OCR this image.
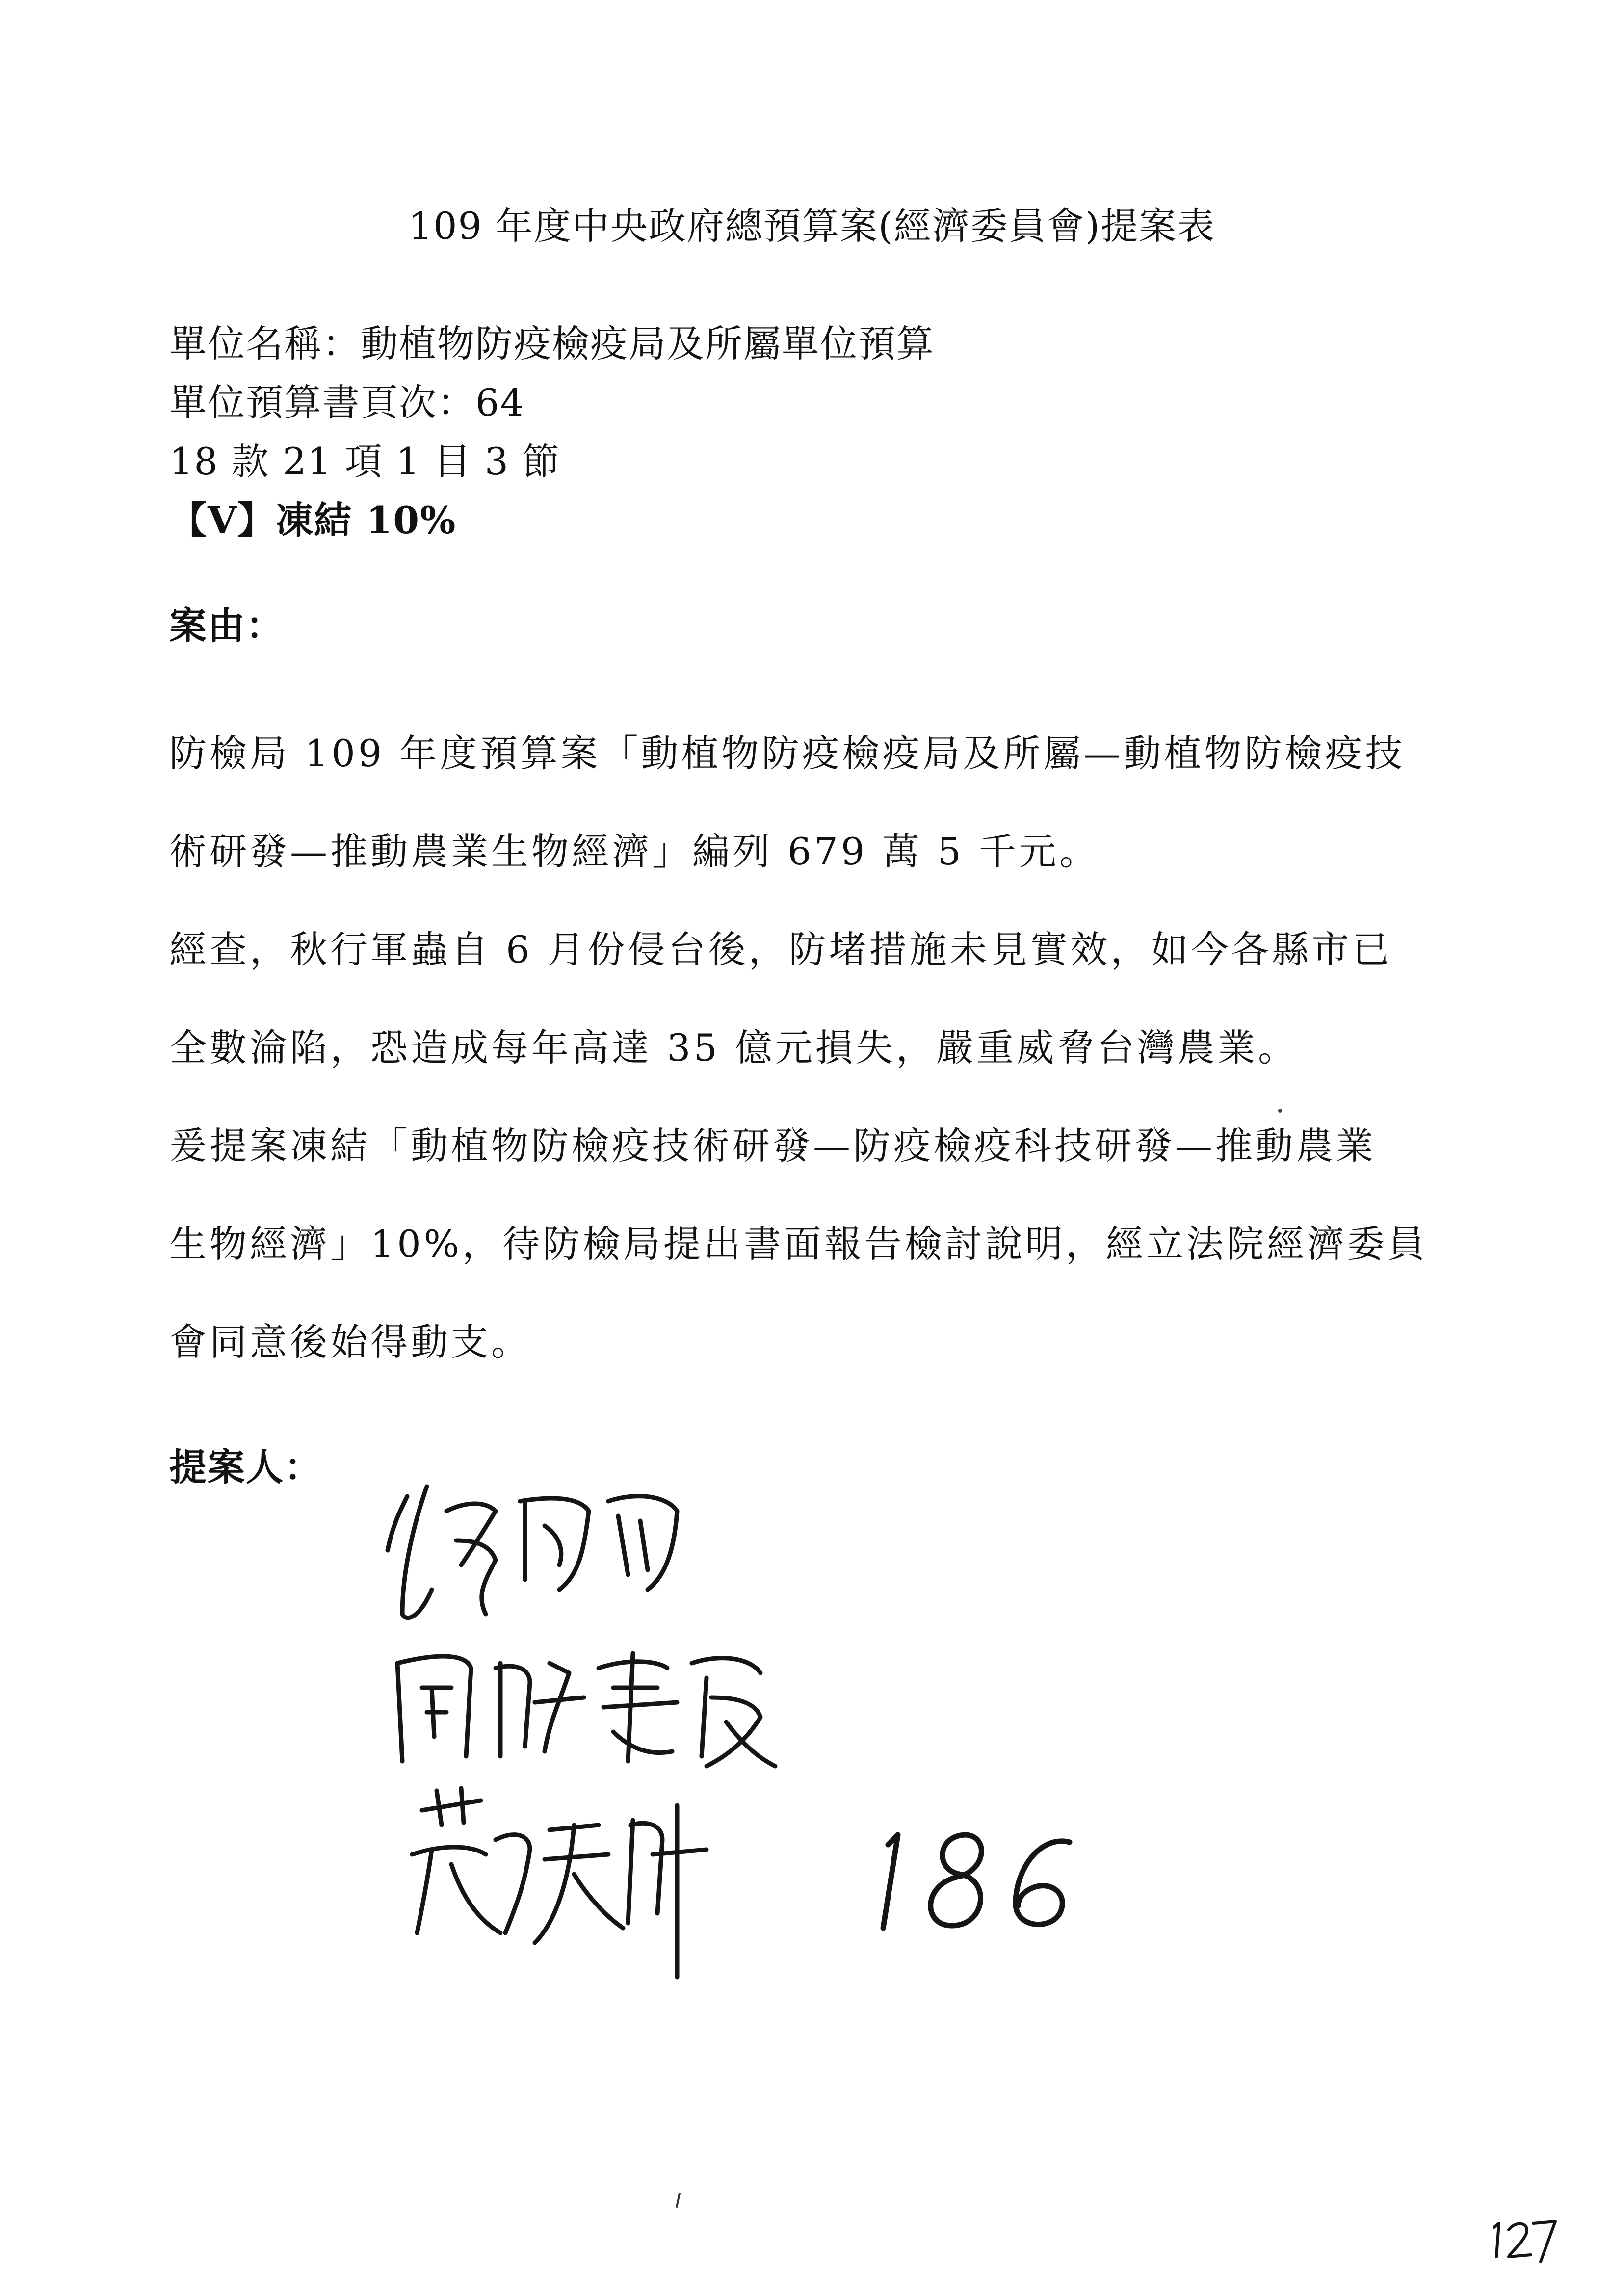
109 年度中央政府總預算案(經濟委員會)提案表
單位名稱：動植物防疫檢疫局及所屬單位預算
單位預算書頁次：64
18 款 21 項 1 目 3 節
【V】凍結 10%
案由：
防檢局 109 年度預算案「動植物防疫檢疫局及所屬—動植物防檢疫技
術研發—推動農業生物經濟」編列 679 萬 5 千元。
經查，秋行軍蟲自 6 月份侵台後，防堵措施未見實效，如今各縣市已
全數淪陷，恐造成每年高達 35 億元損失，嚴重威脅台灣農業。
爰提案凍結「動植物防檢疫技術研發—防疫檢疫科技研發—推動農業
生物經濟」10%，待防檢局提出書面報告檢討說明，經立法院經濟委員
會同意後始得動支。
提案人：
